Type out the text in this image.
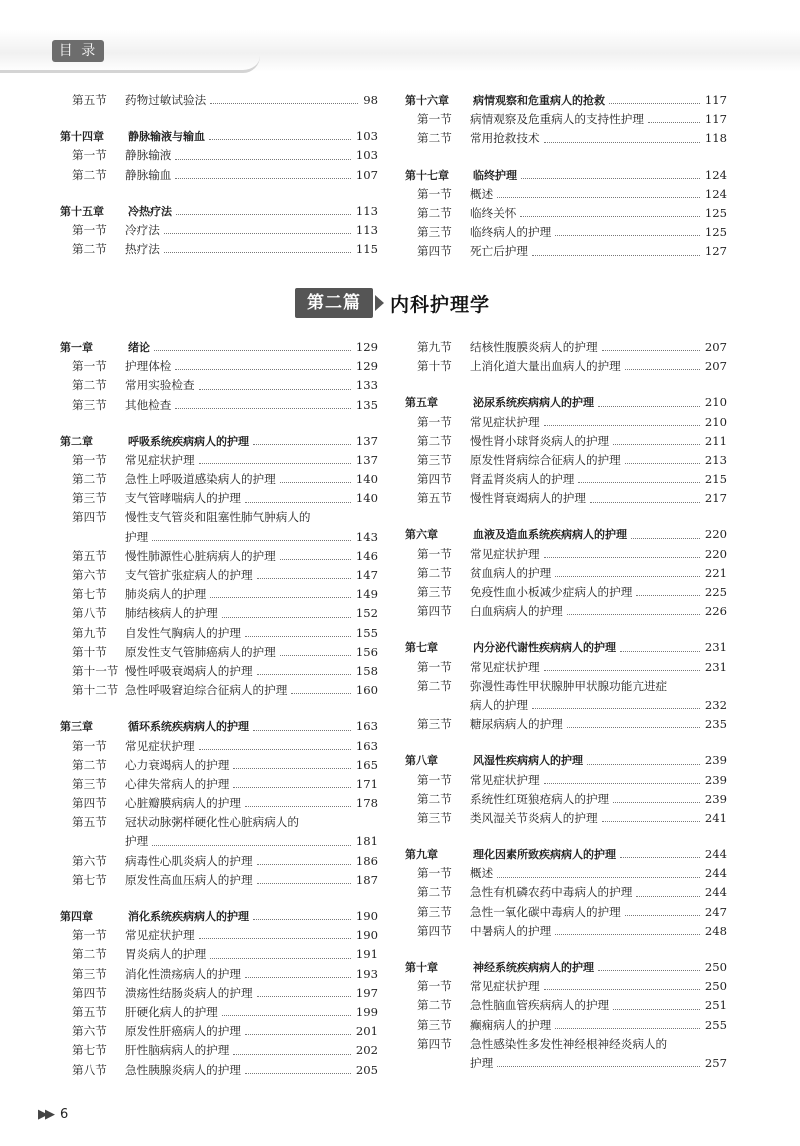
目 录
第五节	药物过敏试验法	98
第十四章	静脉输液与输血	103
第一节	静脉输液	103
第二节	静脉输血	107
第十五章	冷热疗法	113
第一节	冷疗法	113
第二节	热疗法	115
第十六章	病情观察和危重病人的抢救	117
第一节	病情观察及危重病人的支持性护理	117
第二节	常用抢救技术	118
第十七章	临终护理	124
第一节	概述	124
第二节	临终关怀	125
第三节	临终病人的护理	125
第四节	死亡后护理	127
第二篇	内科护理学
第一章	绪论	129
第一节	护理体检	129
第二节	常用实验检查	133
第三节	其他检查	135
第二章	呼吸系统疾病病人的护理	137
第一节	常见症状护理	137
第二节	急性上呼吸道感染病人的护理	140
第三节	支气管哮喘病人的护理	140
第四节	慢性支气管炎和阻塞性肺气肿病人的
护理	143
第五节	慢性肺源性心脏病病人的护理	146
第六节	支气管扩张症病人的护理	147
第七节	肺炎病人的护理	149
第八节	肺结核病人的护理	152
第九节	自发性气胸病人的护理	155
第十节	原发性支气管肺癌病人的护理	156
第十一节 慢性呼吸衰竭病人的护理	158
第十二节 急性呼吸窘迫综合征病人的护理	160
第三章	循环系统疾病病人的护理	163
第一节	常见症状护理	163
第二节	心力衰竭病人的护理	165
第三节	心律失常病人的护理	171
第四节	心脏瓣膜病病人的护理	178
第五节	冠状动脉粥样硬化性心脏病病人的
护理	181
第六节	病毒性心肌炎病人的护理	186
第七节	原发性高血压病人的护理	187
第四章	消化系统疾病病人的护理	190
第一节	常见症状护理	190
第二节	胃炎病人的护理	191
第三节	消化性溃疡病人的护理	193
第四节	溃疡性结肠炎病人的护理	197
第五节	肝硬化病人的护理	199
第六节	原发性肝癌病人的护理	201
第七节	肝性脑病病人的护理	202
第八节	急性胰腺炎病人的护理	205
第九节	结核性腹膜炎病人的护理	207
第十节	上消化道大量出血病人的护理	207
第五章	泌尿系统疾病病人的护理	210
第一节	常见症状护理	210
第二节	慢性肾小球肾炎病人的护理	211
第三节	原发性肾病综合征病人的护理	213
第四节	肾盂肾炎病人的护理	215
第五节	慢性肾衰竭病人的护理	217
第六章	血液及造血系统疾病病人的护理	220
第一节	常见症状护理	220
第二节	贫血病人的护理	221
第三节	免疫性血小板减少症病人的护理	225
第四节	白血病病人的护理	226
第七章	内分泌代谢性疾病病人的护理	231
第一节	常见症状护理	231
第二节	弥漫性毒性甲状腺肿甲状腺功能亢进症
病人的护理	232
第三节	糖尿病病人的护理	235
第八章	风湿性疾病病人的护理	239
第一节	常见症状护理	239
第二节	系统性红斑狼疮病人的护理	239
第三节	类风湿关节炎病人的护理	241
第九章	理化因素所致疾病病人的护理	244
第一节	概述	244
第二节	急性有机磷农药中毒病人的护理	244
第三节	急性一氧化碳中毒病人的护理	247
第四节	中暑病人的护理	248
第十章	神经系统疾病病人的护理	250
第一节	常见症状护理	250
第二节	急性脑血管疾病病人的护理	251
第三节	癫痫病人的护理	255
第四节	急性感染性多发性神经根神经炎病人的
护理	257
▶▶ 6
